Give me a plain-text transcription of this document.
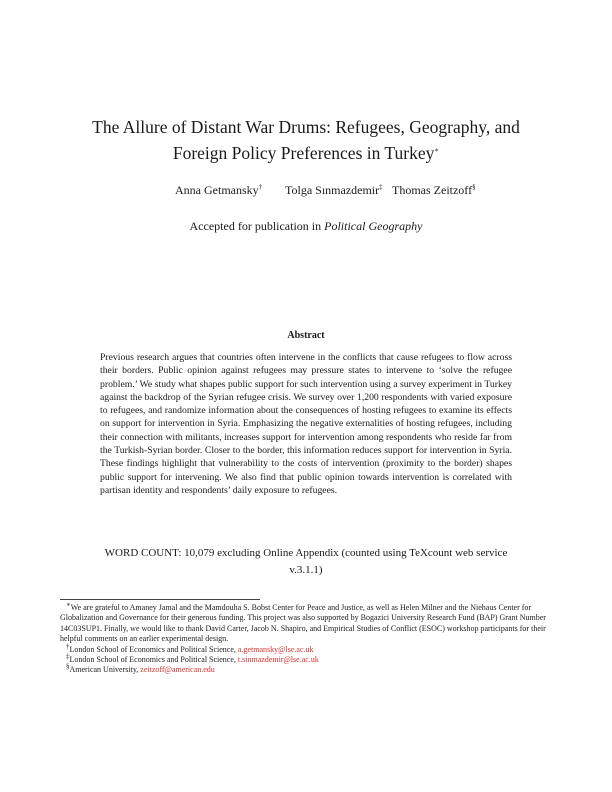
The Allure of Distant War Drums: Refugees, Geography, and
Foreign Policy Preferences in Turkey∗
Anna Getmansky† Tolga Sınmazdemir‡ Thomas Zeitzoff§
Accepted for publication in Political Geography
Abstract

Previous research argues that countries often intervene in the conflicts that cause refugees to flow across their borders. Public opinion against refugees may pressure states to intervene to ‘solve the refugee problem.’ We study what shapes public support for such intervention using a survey experiment in Turkey against the backdrop of the Syrian refugee crisis. We survey over 1,200 respondents with varied exposure to refugees, and randomize information about the consequences of hosting refugees to examine its effects on support for intervention in Syria. Emphasizing the negative externalities of hosting refugees, including their connection with militants, increases support for intervention among respondents who reside far from the Turkish-Syrian border. Closer to the border, this information reduces support for intervention in Syria. These findings highlight that vulnerability to the costs of intervention (proximity to the border) shapes public support for intervening. We also find that public opinion towards intervention is correlated with partisan identity and respondents’ daily exposure to refugees.

WORD COUNT: 10,079 excluding Online Appendix (counted using TeXcount web service v.3.1.1)

∗We are grateful to Amaney Jamal and the Mamdouha S. Bobst Center for Peace and Justice, as well as Helen Milner and the Niehaus Center for Globalization and Governance for their generous funding. This project was also supported by Bogazici University Research Fund (BAP) Grant Number 14C03SUP1. Finally, we would like to thank David Carter, Jacob N. Shapiro, and Empirical Studies of Conflict (ESOC) workshop participants for their helpful comments on an earlier experimental design.

†London School of Economics and Political Science, a.getmansky@lse.ac.uk

‡London School of Economics and Political Science, t.sinmazdemir@lse.ac.uk

§American University, zeitzoff@american.edu
